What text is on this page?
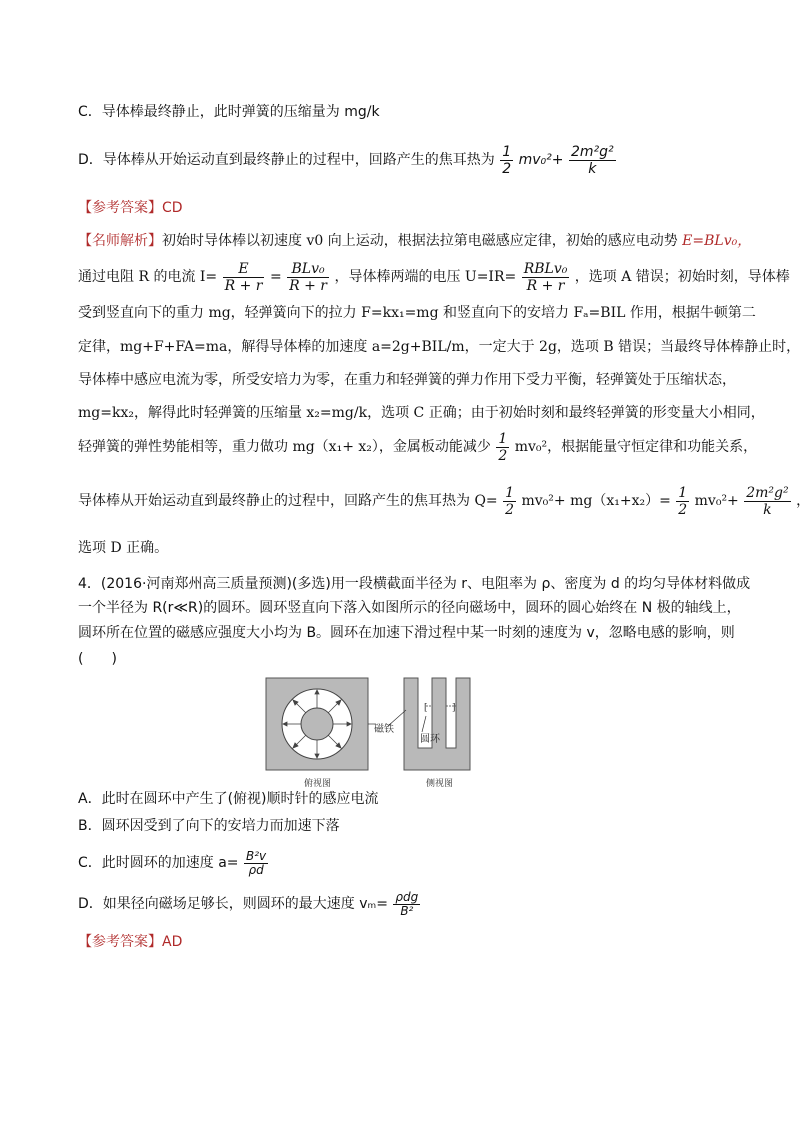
C．导体棒最终静止，此时弹簧的压缩量为 mg/k
D．导体棒从开始运动直到最终静止的过程中，回路产生的焦耳热为 $\frac{1}{2} mv_0^2+ \frac{\text{2m²g²}}{k}$
【参考答案】CD
【名师解析】初始时导体棒以初速度 v0 向上运动，根据法拉第电磁感应定律，初始的感应电动势 E=BLv₀，
通过电阻 R 的电流 $I= \frac{E}{R + r} = \frac{\text{BLv₀}}{R + r}$ ，导体棒两端的电压 $U=IR= \frac{\text{RBLv₀}}{R + r}$ ，选项 A 错误；初始时刻，导体棒
受到竖直向下的重力 mg，轻弹簧向下的拉力 F=kx₁=mg 和竖直向下的安培力 Fₐ=BIL 作用，根据牛顿第二
定律，mg+F+FA=ma，解得导体棒的加速度 a=2g+BIL/m，一定大于 2g，选项 B 错误；当最终导体棒静止时，
导体棒中感应电流为零，所受安培力为零，在重力和轻弹簧的弹力作用下受力平衡，轻弹簧处于压缩状态，
mg=kx₂，解得此时轻弹簧的压缩量 x₂=mg/k，选项 C 正确；由于初始时刻和最终轻弹簧的形变量大小相同，
轻弹簧的弹性势能相等，重力做功 mg（x₁+ x₂），金属板动能减少 $\frac{1}{2} mv_0^2$，根据能量守恒定律和功能关系，
导体棒从开始运动直到最终静止的过程中，回路产生的焦耳热为 $Q= \frac{1}{2} mv_0^2+ mg(x_1+x_2)= \frac{1}{2} mv_0^2+ \frac{\text{2m²g²}}{k}$ ，
选项 D 正确。
4．(2016·河南郑州高三质量预测)(多选)用一段横截面半径为 r、电阻率为 ρ、密度为 d 的均匀导体材料做成
一个半径为 R(r≪R)的圆环。圆环竖直向下落入如图所示的径向磁场中，圆环的圆心始终在 N 极的轴线上，
圆环所在位置的磁感应强度大小均为 B。圆环在加速下滑过程中某一时刻的速度为 v，忽略电感的影响，则
(　　)
俯视图
[	]
侧视图
磁铁
圆环
A．此时在圆环中产生了(俯视)顺时针的感应电流
B．圆环因受到了向下的安培力而加速下落
C．此时圆环的加速度 $a= \frac{\text{B²v}}{\rho d}$
D．如果径向磁场足够长，则圆环的最大速度 $v_m= \frac{\text{ρdg}}{\text{B²}}$
【参考答案】AD
